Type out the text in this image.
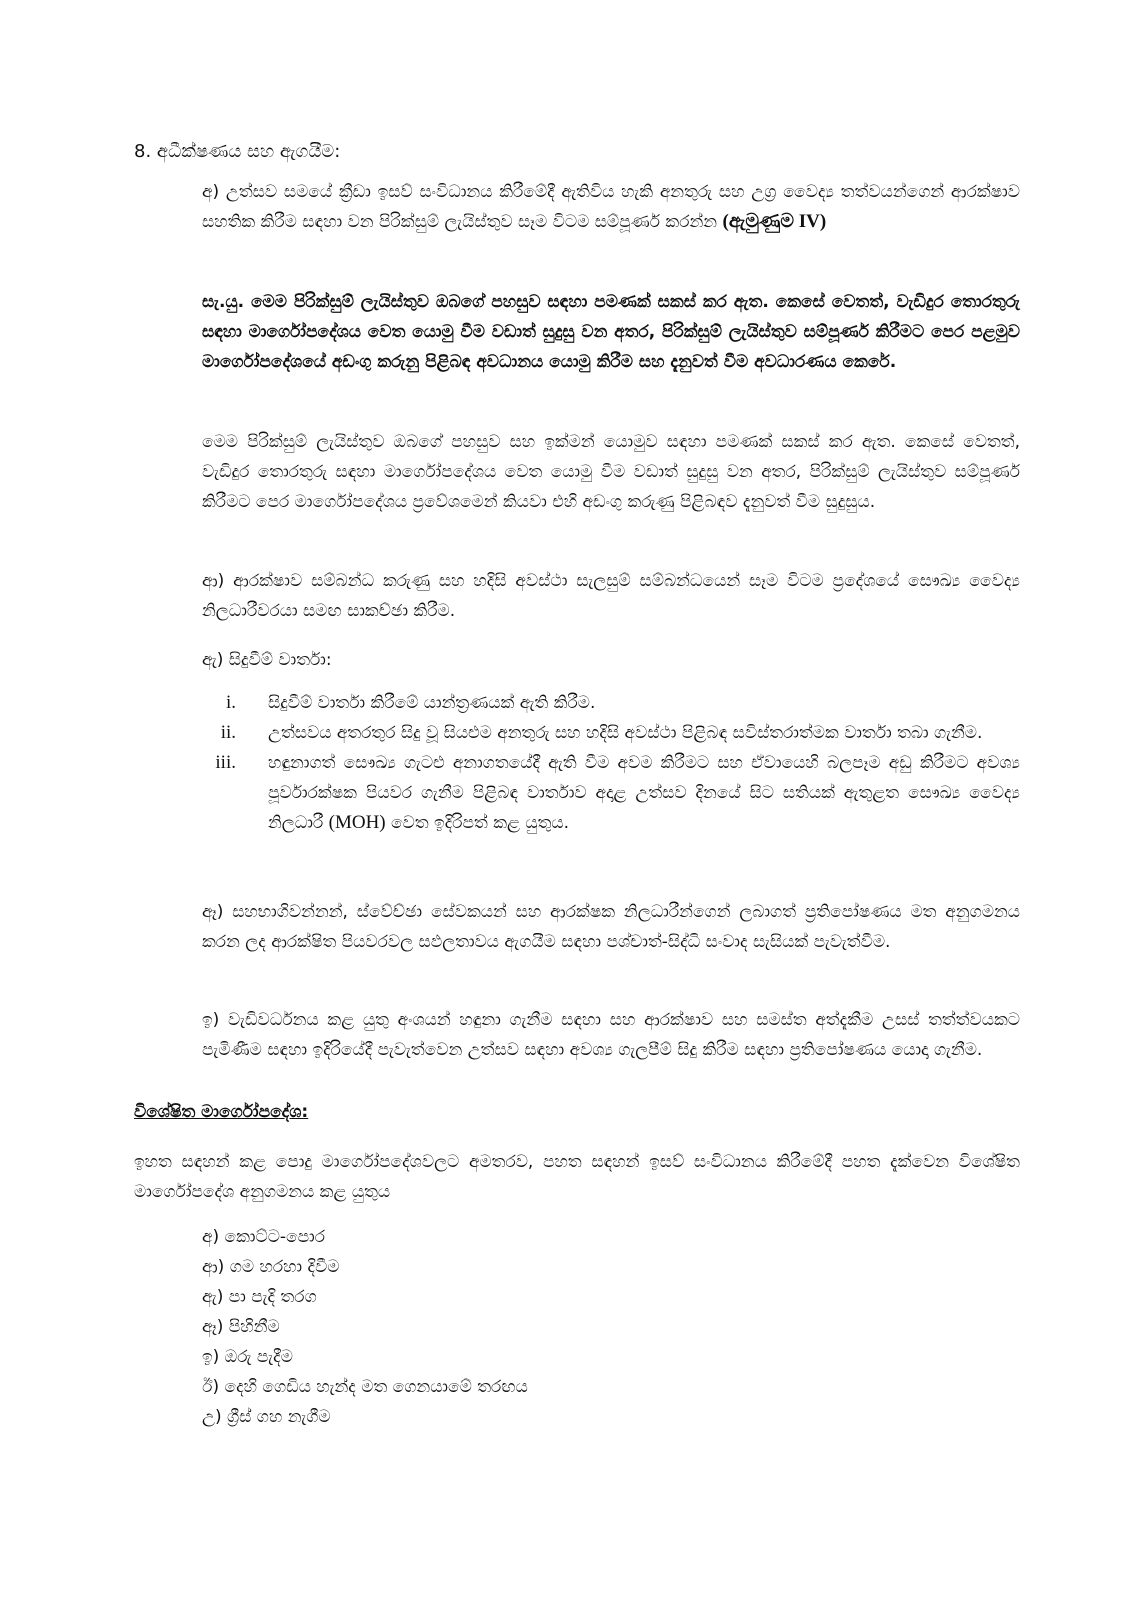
8. අධීක්ෂණය සහ ඇගයීම:
අ) උත්සව සමයේ ක්‍රීඩා ඉසව් සංවිධානය කිරීමේදී ඇතිවිය හැකි අනතුරු සහ උග්‍ර වෛද්‍ය තත්වයන්ගෙන් ආරක්ෂාව සහතික කිරීම සඳහා වන පිරික්සුම් ලැයිස්තුව සෑම විටම සම්පූර්ණ කරන්න (ඇමුණුම IV)
සැ.යු. මෙම පිරික්සුම් ලැයිස්තුව ඔබගේ පහසුව සඳහා පමණක් සකස් කර ඇත. කෙසේ වෙතත්, වැඩිදුර තොරතුරු සඳහා මාර්ගෝපදේශය වෙත යොමු වීම වඩාත් සුදුසු වන අතර, පිරික්සුම් ලැයිස්තුව සම්පූර්ණ කිරීමට පෙර පළමුව මාර්ගෝපදේශයේ අඩංගු කරුනු පිළිබඳ අවධානය යොමු කිරීම සහ දැනුවත් වීම අවධාරණය කෙරේ.
මෙම පිරික්සුම් ලැයිස්තුව ඔබගේ පහසුව සහ ඉක්මන් යොමුව සඳහා පමණක් සකස් කර ඇත. කෙසේ වෙතත්, වැඩිදුර තොරතුරු සඳහා මාර්ගෝපදේශය වෙත යොමු වීම වඩාත් සුදුසු වන අතර, පිරික්සුම් ලැයිස්තුව සම්පූර්ණ කිරීමට පෙර මාර්ගෝපදේශය ප්‍රවේශමෙන් කියවා එහි අඩංගු කරුණු පිළිබඳව දැනුවත් වීම සුදුසුය.
ආ) ආරක්ෂාව සම්බන්ධ කරුණු සහ හදිසි අවස්ථා සැලසුම් සම්බන්ධයෙන් සෑම විටම ප්‍රදේශයේ සෞඛ්‍ය වෛද්‍ය නිලධාරීවරයා සමඟ සාකච්ඡා කිරීම.
ඇ) සිදුවීම් වාර්තා:
i. සිදුවීම් වාර්තා කිරීමේ යාන්ත්‍රණයක් ඇති කිරීම.
ii. උත්සවය අතරතුර සිදු වූ සියළුම අනතුරු සහ හදිසි අවස්ථා පිළිබඳ සවිස්තරාත්මක වාර්තා තබා ගැනීම.
iii. හඳුනාගත් සෞඛ්‍ය ගැටළු අනාගතයේදී ඇති වීම අවම කිරීමට සහ ඒවායෙහි බලපෑම අඩු කිරීමට අවශ්‍ය පූර්වාරක්ෂක පියවර ගැනීම පිළිබඳ වාර්තාව අදාළ උත්සව දිනයේ සිට සතියක් ඇතුළත සෞඛ්‍ය වෛද්‍ය නිලධාරී (MOH) වෙත ඉදිරිපත් කළ යුතුය.
ඈ) සහභාගිවන්නන්, ස්වේච්ඡා සේවකයන් සහ ආරක්ෂක නිලධාරීන්ගෙන් ලබාගත් ප්‍රතිපෝෂණය මත අනුගමනය කරන ලද ආරක්ෂිත පියවරවල සඵලතාවය ඇගයීම සඳහා පශ්චාත්-සිද්ධි සංවාද සැසියක් පැවැත්වීම.
ඉ) වැඩිවර්ධනය කළ යුතු අංශයන් හඳුනා ගැනීම සඳහා සහ ආරක්ෂාව සහ සමස්ත අත්දැකීම උසස් තත්ත්වයකට පැමිණීම සඳහා ඉදිරියේදී පැවැත්වෙන උත්සව සඳහා අවශ්‍ය ගැලපීම් සිදු කිරීම සඳහා ප්‍රතිපෝෂණය යොදා ගැනීම.
විශේෂිත මාර්ගෝපදේශ:
ඉහත සඳහන් කළ පොදු මාර්ගෝපදේශවලට අමතරව, පහත සඳහන් ඉසව් සංවිධානය කිරීමේදී පහත දැක්වෙන විශේෂිත මාර්ගෝපදේශ අනුගමනය කළ යුතුය
අ) කොට්ට-පොර
ආ) ගම හරහා දිවීම
ඇ) පා පැදි තරග
ඈ) පිහිනීම
ඉ) ඔරු පැදීම
ඊ) දෙහි ගෙඩිය හැන්ද මත ගෙනයාමේ තරඟය
උ) ග්‍රීස් ගහ නැගීම
